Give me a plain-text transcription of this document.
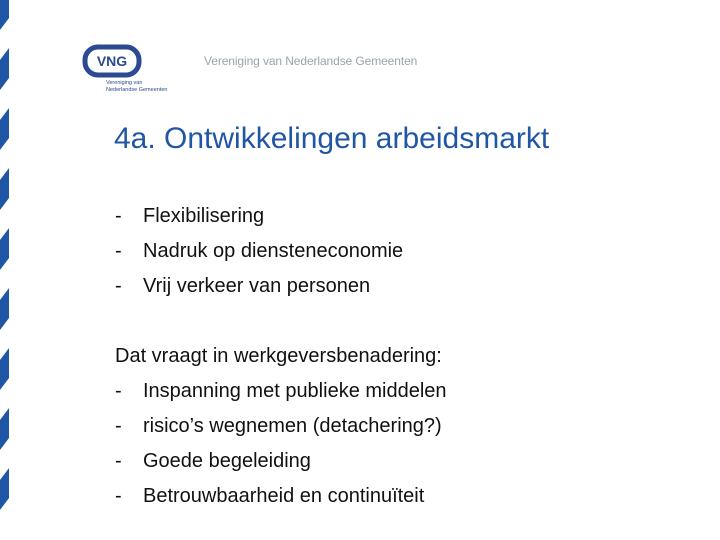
VNG
Vereniging van
Nederlandse Gemeenten
Vereniging van Nederlandse Gemeenten
4a. Ontwikkelingen arbeidsmarkt
- Flexibilisering
- Nadruk op diensteneconomie
- Vrij verkeer van personen
Dat vraagt in werkgeversbenadering:
- Inspanning met publieke middelen
- risico’s wegnemen (detachering?)
- Goede begeleiding
- Betrouwbaarheid en continuïteit
